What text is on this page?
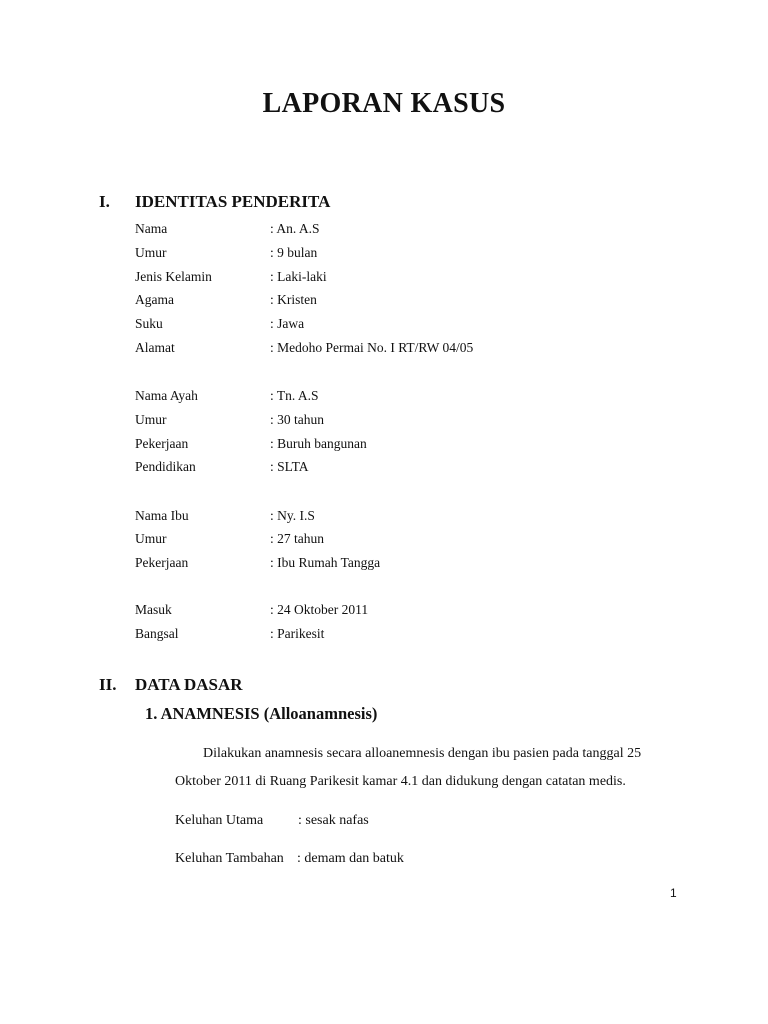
LAPORAN KASUS
I. IDENTITAS PENDERITA
Nama	: An. A.S
Umur	: 9 bulan
Jenis Kelamin	: Laki-laki
Agama	: Kristen
Suku	: Jawa
Alamat	: Medoho Permai No. I RT/RW 04/05
Nama Ayah	: Tn. A.S
Umur	: 30 tahun
Pekerjaan	: Buruh bangunan
Pendidikan	: SLTA
Nama Ibu	: Ny. I.S
Umur	: 27 tahun
Pekerjaan	: Ibu Rumah Tangga
Masuk	: 24 Oktober 2011
Bangsal	: Parikesit
II. DATA DASAR
1. ANAMNESIS (Alloanamnesis)
Dilakukan anamnesis secara alloanemnesis dengan ibu pasien pada tanggal 25
Oktober 2011 di Ruang Parikesit kamar 4.1 dan didukung dengan catatan medis.
Keluhan Utama : sesak nafas
Keluhan Tambahan : demam dan batuk
1
